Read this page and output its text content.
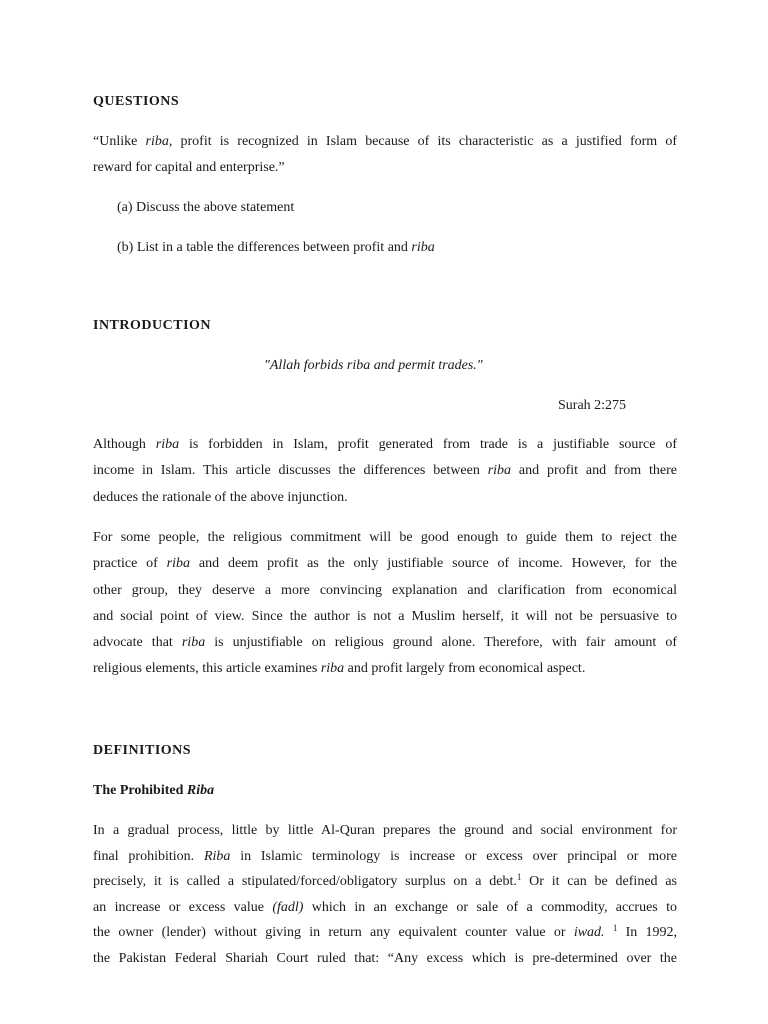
QUESTIONS
“Unlike riba, profit is recognized in Islam because of its characteristic as a justified form of
reward for capital and enterprise.”
(a) Discuss the above statement
(b) List in a table the differences between profit and riba
INTRODUCTION
"Allah forbids riba and permit trades."
Surah 2:275
Although riba is forbidden in Islam, profit generated from trade is a justifiable source of
income in Islam. This article discusses the differences between riba and profit and from there
deduces the rationale of the above injunction.
For some people, the religious commitment will be good enough to guide them to reject the
practice of riba and deem profit as the only justifiable source of income. However, for the
other group, they deserve a more convincing explanation and clarification from economical
and social point of view. Since the author is not a Muslim herself, it will not be persuasive to
advocate that riba is unjustifiable on religious ground alone. Therefore, with fair amount of
religious elements, this article examines riba and profit largely from economical aspect.
DEFINITIONS
The Prohibited Riba
In a gradual process, little by little Al-Quran prepares the ground and social environment for
final prohibition. Riba in Islamic terminology is increase or excess over principal or more
precisely, it is called a stipulated/forced/obligatory surplus on a debt.$^1$ Or it can be defined as
an increase or excess value (fadl) which in an exchange or sale of a commodity, accrues to
the owner (lender) without giving in return any equivalent counter value or iwad. $^1$ In 1992,
the Pakistan Federal Shariah Court ruled that: “Any excess which is pre-determined over the
